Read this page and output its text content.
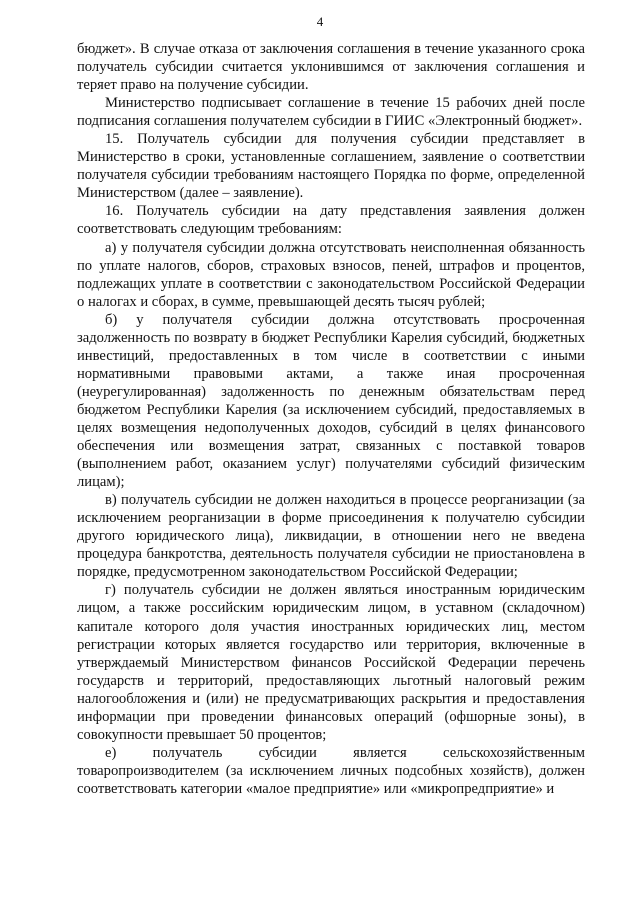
4

бюджет». В случае отказа от заключения соглашения в течение указанного срока получатель субсидии считается уклонившимся от заключения соглашения и теряет право на получение субсидии.

Министерство подписывает соглашение в течение 15 рабочих дней после подписания соглашения получателем субсидии в ГИИС «Электронный бюджет».

15. Получатель субсидии для получения субсидии представляет в Министерство в сроки, установленные соглашением, заявление о соответствии получателя субсидии требованиям настоящего Порядка по форме, определенной Министерством (далее – заявление).

16. Получатель субсидии на дату представления заявления должен соответствовать следующим требованиям:

а) у получателя субсидии должна отсутствовать неисполненная обязанность по уплате налогов, сборов, страховых взносов, пеней, штрафов и процентов, подлежащих уплате в соответствии с законодательством Российской Федерации о налогах и сборах, в сумме, превышающей десять тысяч рублей;

б) у получателя субсидии должна отсутствовать просроченная задолженность по возврату в бюджет Республики Карелия субсидий, бюджетных инвестиций, предоставленных в том числе в соответствии с иными нормативными правовыми актами, а также иная просроченная (неурегулированная) задолженность по денежным обязательствам перед бюджетом Республики Карелия (за исключением субсидий, предоставляемых в целях возмещения недополученных доходов, субсидий в целях финансового обеспечения или возмещения затрат, связанных с поставкой товаров (выполнением работ, оказанием услуг) получателями субсидий физическим лицам);

в) получатель субсидии не должен находиться в процессе реорганизации (за исключением реорганизации в форме присоединения к получателю субсидии другого юридического лица), ликвидации, в отношении него не введена процедура банкротства, деятельность получателя субсидии не приостановлена в порядке, предусмотренном законодательством Российской Федерации;

г) получатель субсидии не должен являться иностранным юридическим лицом, а также российским юридическим лицом, в уставном (складочном) капитале которого доля участия иностранных юридических лиц, местом регистрации которых является государство или территория, включенные в утверждаемый Министерством финансов Российской Федерации перечень государств и территорий, предоставляющих льготный налоговый режим налогообложения и (или) не предусматривающих раскрытия и предоставления информации при проведении финансовых операций (офшорные зоны), в совокупности превышает 50 процентов;

е) получатель субсидии является сельскохозяйственным товаропроизводителем (за исключением личных подсобных хозяйств), должен соответствовать категории «малое предприятие» или «микропредприятие» и
